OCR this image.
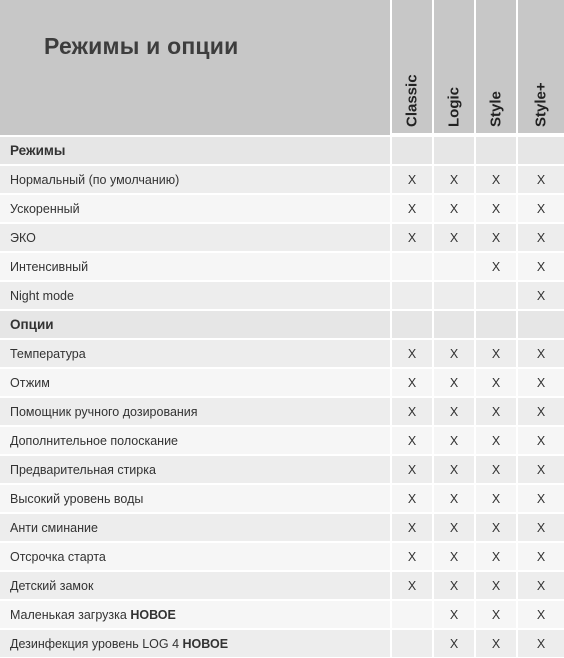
Режимы и опции	Classic	Logic	Style	Style+

Режимы				
Нормальный (по умолчанию)	X	X	X	X
Ускоренный	X	X	X	X
ЭКО	X	X	X	X
Интенсивный			X	X
Night mode				X
Опции				
Температура	X	X	X	X
Отжим	X	X	X	X
Помощник ручного дозирования	X	X	X	X
Дополнительное полоскание	X	X	X	X
Предварительная стирка	X	X	X	X
Высокий уровень воды	X	X	X	X
Анти сминание	X	X	X	X
Отсрочка старта	X	X	X	X
Детский замок	X	X	X	X
Маленькая загрузка НОВОЕ		X	X	X
Дезинфекция уровень LOG 4 НОВОЕ		X	X	X
